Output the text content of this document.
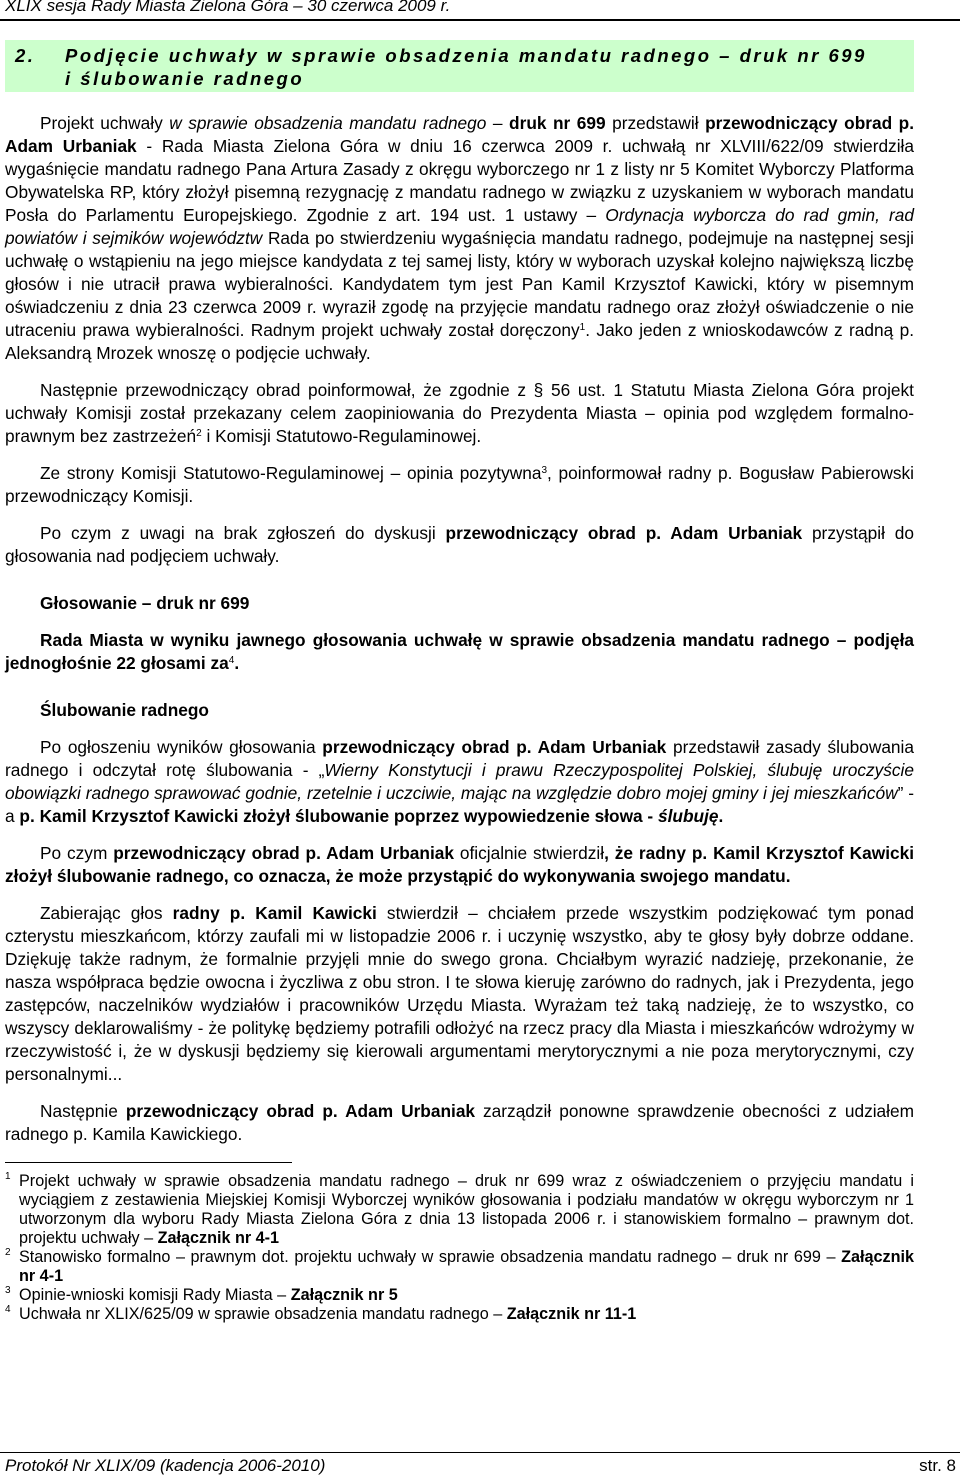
XLIX sesja Rady Miasta Zielona Góra – 30 czerwca 2009 r.
2. Podjęcie uchwały w sprawie obsadzenia mandatu radnego – druk nr 699
i ślubowanie radnego

Projekt uchwały w sprawie obsadzenia mandatu radnego – druk nr 699 przedstawił przewodniczący obrad p. Adam Urbaniak - Rada Miasta Zielona Góra w dniu 16 czerwca 2009 r. uchwałą nr XLVIII/622/09 stwierdziła wygaśnięcie mandatu radnego Pana Artura Zasady z okręgu wyborczego nr 1 z listy nr 5 Komitet Wyborczy Platforma Obywatelska RP, który złożył pisemną rezygnację z mandatu radnego w związku z uzyskaniem w wyborach mandatu Posła do Parlamentu Europejskiego. Zgodnie z art. 194 ust. 1 ustawy – Ordynacja wyborcza do rad gmin, rad powiatów i sejmików województw Rada po stwierdzeniu wygaśnięcia mandatu radnego, podejmuje na następnej sesji uchwałę o wstąpieniu na jego miejsce kandydata z tej samej listy, który w wyborach uzyskał kolejno największą liczbę głosów i nie utracił prawa wybieralności. Kandydatem tym jest Pan Kamil Krzysztof Kawicki, który w pisemnym oświadczeniu z dnia 23 czerwca 2009 r. wyraził zgodę na przyjęcie mandatu radnego oraz złożył oświadczenie o nie utraceniu prawa wybieralności. Radnym projekt uchwały został doręczony$^1$. Jako jeden z wnioskodawców z radną p. Aleksandrą Mrozek wnoszę o podjęcie uchwały.

Następnie przewodniczący obrad poinformował, że zgodnie z § 56 ust. 1 Statutu Miasta Zielona Góra projekt uchwały Komisji został przekazany celem zaopiniowania do Prezydenta Miasta – opinia pod względem formalno-prawnym bez zastrzeżeń$^2$ i Komisji Statutowo-Regulaminowej.

Ze strony Komisji Statutowo-Regulaminowej – opinia pozytywna$^3$, poinformował radny p. Bogusław Pabierowski przewodniczący Komisji.

Po czym z uwagi na brak zgłoszeń do dyskusji przewodniczący obrad p. Adam Urbaniak przystąpił do głosowania nad podjęciem uchwały.

Głosowanie – druk nr 699

Rada Miasta w wyniku jawnego głosowania uchwałę w sprawie obsadzenia mandatu radnego – podjęła jednogłośnie 22 głosami $za^4$.

Ślubowanie radnego

Po ogłoszeniu wyników głosowania przewodniczący obrad p. Adam Urbaniak przedstawił zasady ślubowania radnego i odczytał rotę ślubowania - „Wierny Konstytucji i prawu Rzeczypospolitej Polskiej, ślubuję uroczyście obowiązki radnego sprawować godnie, rzetelnie i uczciwie, mając na względzie dobro mojej gminy i jej mieszkańców” - a p. Kamil Krzysztof Kawicki złożył ślubowanie poprzez wypowiedzenie słowa - ślubuję.

Po czym przewodniczący obrad p. Adam Urbaniak oficjalnie stwierdził, że radny p. Kamil Krzysztof Kawicki złożył ślubowanie radnego, co oznacza, że może przystąpić do wykonywania swojego mandatu.

Zabierając głos radny p. Kamil Kawicki stwierdził – chciałem przede wszystkim podziękować tym ponad czterystu mieszkańcom, którzy zaufali mi w listopadzie 2006 r. i uczynię wszystko, aby te głosy były dobrze oddane. Dziękuję także radnym, że formalnie przyjęli mnie do swego grona. Chciałbym wyrazić nadzieję, przekonanie, że nasza współpraca będzie owocna i życzliwa z obu stron. I te słowa kieruję zarówno do radnych, jak i Prezydenta, jego zastępców, naczelników wydziałów i pracowników Urzędu Miasta. Wyrażam też taką nadzieję, że to wszystko, co wszyscy deklarowaliśmy - że politykę będziemy potrafili odłożyć na rzecz pracy dla Miasta i mieszkańców wdrożymy w rzeczywistość i, że w dyskusji będziemy się kierowali argumentami merytorycznymi a nie poza merytorycznymi, czy personalnymi...

Następnie przewodniczący obrad p. Adam Urbaniak zarządził ponowne sprawdzenie obecności z udziałem radnego p. Kamila Kawickiego.

1 Projekt uchwały w sprawie obsadzenia mandatu radnego – druk nr 699 wraz z oświadczeniem o przyjęciu mandatu i wyciągiem z zestawienia Miejskiej Komisji Wyborczej wyników głosowania i podziału mandatów w okręgu wyborczym nr 1 utworzonym dla wyboru Rady Miasta Zielona Góra z dnia 13 listopada 2006 r. i stanowiskiem formalno – prawnym dot. projektu uchwały – Załącznik nr 4-1
2 Stanowisko formalno – prawnym dot. projektu uchwały w sprawie obsadzenia mandatu radnego – druk nr 699 – Załącznik nr 4-1
3 Opinie-wnioski komisji Rady Miasta – Załącznik nr 5
4 Uchwała nr XLIX/625/09 w sprawie obsadzenia mandatu radnego – Załącznik nr 11-1
Protokół Nr XLIX/09 (kadencja 2006-2010)	str. 8
